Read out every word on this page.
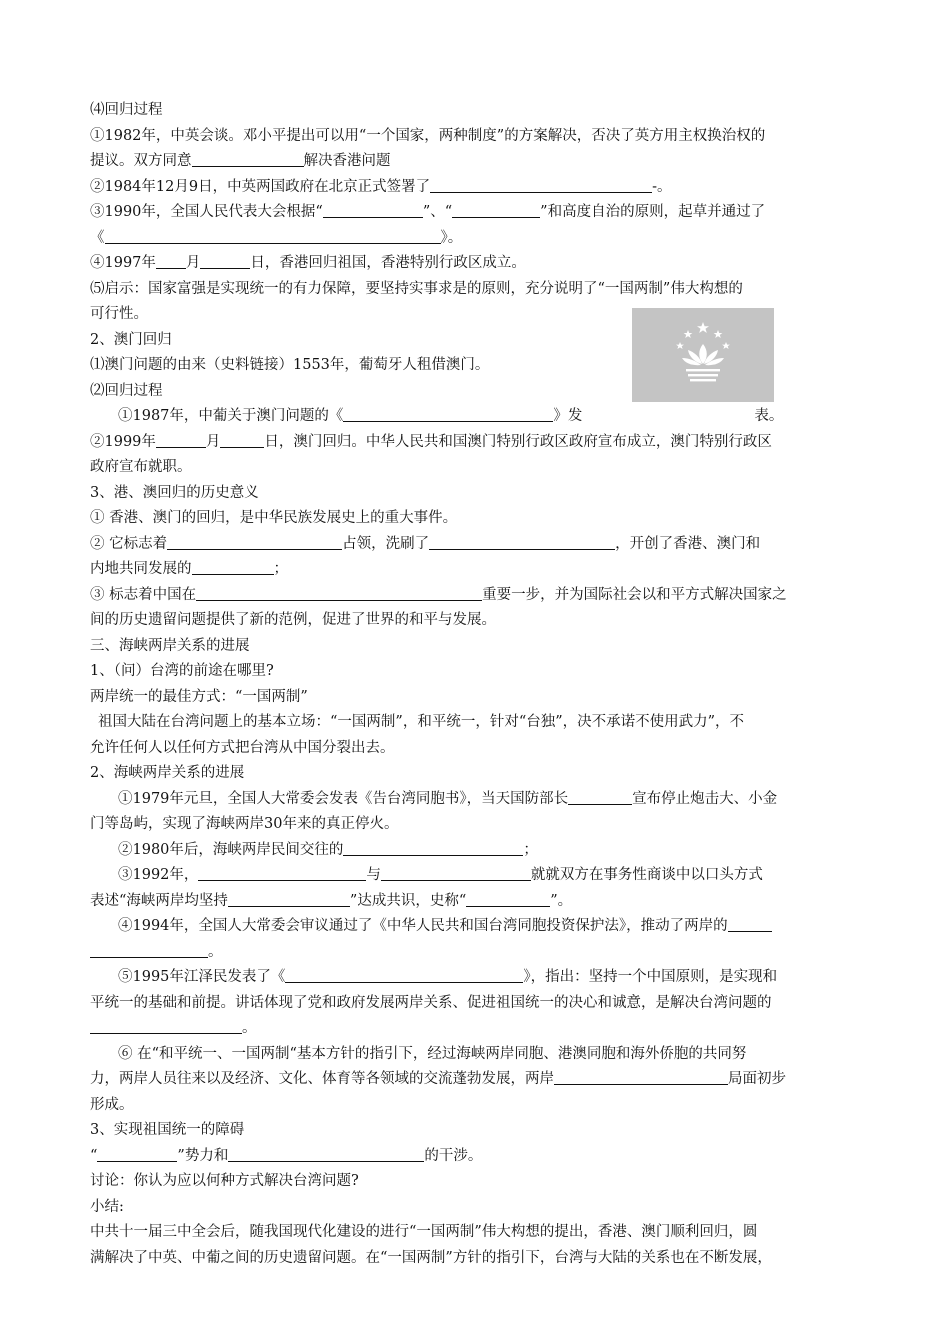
⑷回归过程
①1982年，中英会谈。邓小平提出可以用“一个国家，两种制度”的方案解决，否决了英方用主权换治权的
提议。双方同意	解决香港问题
②1984年12月9日，中英两国政府在北京正式签署了	-。
③1990年，全国人民代表大会根据“	”、“	”和高度自治的原则，起草并通过了
《	》。
④1997年 月	日，香港回归祖国，香港特别行政区成立。
⑸启示：国家富强是实现统一的有力保障，要坚持实事求是的原则，充分说明了“一国两制”伟大构想的
可行性。
2、澳门回归
⑴澳门问题的由来（史料链接）1553年，葡萄牙人租借澳门。
⑵回归过程
①1987年，中葡关于澳门问题的《	》发	表。
②1999年	月	日，澳门回归。中华人民共和国澳门特别行政区政府宣布成立，澳门特别行政区
政府宣布就职。
3、港、澳回归的历史意义
① 香港、澳门的回归，是中华民族发展史上的重大事件。
② 它标志着	占领，洗刷了	，开创了香港、澳门和
内地共同发展的	；
③ 标志着中国在	重要一步，并为国际社会以和平方式解决国家之
间的历史遗留问题提供了新的范例，促进了世界的和平与发展。
三、海峡两岸关系的进展
1、（问）台湾的前途在哪里?
两岸统一的最佳方式：“一国两制”
祖国大陆在台湾问题上的基本立场：“一国两制”，和平统一，针对“台独”，决不承诺不使用武力”，不
允许任何人以任何方式把台湾从中国分裂出去。
2、海峡两岸关系的进展
①1979年元旦，全国人大常委会发表《告台湾同胞书》，当天国防部长	宣布停止炮击大、小金
门等岛屿，实现了海峡两岸30年来的真正停火。
②1980年后，海峡两岸民间交往的	；
③1992年，	与	就就双方在事务性商谈中以口头方式
表述“海峡两岸均坚持	”达成共识，史称“	”。
④1994年，全国人大常委会审议通过了《中华人民共和国台湾同胞投资保护法》，推动了两岸的
。
⑤1995年江泽民发表了《	》，指出：坚持一个中国原则，是实现和
平统一的基础和前提。讲话体现了党和政府发展两岸关系、促进祖国统一的决心和诚意，是解决台湾问题的
。
⑥ 在“和平统一、一国两制“基本方针的指引下，经过海峡两岸同胞、港澳同胞和海外侨胞的共同努
力，两岸人员往来以及经济、文化、体育等各领域的交流蓬勃发展，两岸	局面初步
形成。
3、实现祖国统一的障碍
“	”势力和	的干涉。
讨论：你认为应以何种方式解决台湾问题?
小结:
中共十一届三中全会后，随我国现代化建设的进行“一国两制”伟大构想的提出，香港、澳门顺利回归，圆
满解决了中英、中葡之间的历史遗留问题。在“一国两制”方针的指引下，台湾与大陆的关系也在不断发展，
